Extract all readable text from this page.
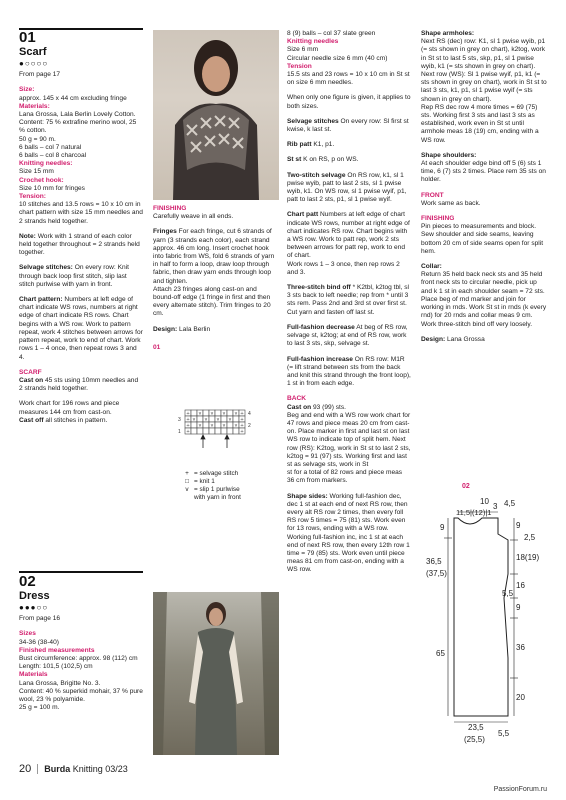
01
Scarf
●○○○○

From page 17

Size:
approx. 145 x 44 cm excluding fringe
Materials:
Lana Grossa, Lala Berlin Lovely Cotton.
Content: 75 % extrafine merino wool, 25 % cotton.
50 g = 90 m.
6 balls – col 7 natural
6 balls – col 8 charcoal
Knitting needles:
Size 15 mm
Crochet hook:
Size 10 mm for fringes
Tension:

10 stitches and 13.5 rows = 10 x 10 cm in chart pattern with size 15 mm needles and 2 strands held together.

Note: Work with 1 strand of each color held together throughout = 2 strands held together.

Selvage stitches: On every row: Knit through back loop first stitch, slip last stitch purlwise with yarn in front.

Chart pattern: Numbers at left edge of chart indicate WS rows, numbers at right edge of chart indicate RS rows. Chart begins with a WS row. Work to pattern repeat, work 4 stitches between arrows for pattern repeat, work to end of chart. Work rows 1 – 4 once, then repeat rows 3 and 4.

SCARF

Cast on 45 sts using 10mm needles and 2 strands held together.

Work chart for 196 rows and piece measures 144 cm from cast-on.
Cast off all stitches in pattern.
FINISHING

Carefully weave in all ends.

Fringes For each fringe, cut 6 strands of yarn (3 strands each color), each strand approx. 46 cm long. Insert crochet hook into fabric from WS, fold 6 strands of yarn in half to form a loop, draw loop through fabric, then draw yarn ends through loop and tighten.

Attach 23 fringes along cast-on and bound-off edge (1 fringe in first and then every alternate stitch). Trim fringes to 20 cm.

Design: Lala Berlin

01
+	+
+	+
+	+
+	+
v v v v
v v v v
v v v v
3
1
4
2
+ = selvage stitch
□ = knit 1
v = slip 1 purlwise
with yarn in front
02
Dress
●●●○○

From page 16

Sizes
34-36 (38-40)
Finished measurements
Bust circumference: approx. 98 (112) cm
Length: 101,5 (102,5) cm
Materials
Lana Grossa, Brigitte No. 3.
Content: 40 % superkid mohair, 37 % pure wool, 23 % polyamide.
25 g = 100 m.
8 (9) balls – col 37 slate green
Knitting needles
Size 6 mm
Circular needle size 6 mm (40 cm)
Tension

15.5 sts and 23 rows = 10 x 10 cm in St st on size 6 mm needles.

When only one figure is given, it applies to both sizes.

Selvage stitches On every row: Sl first st kwise, k last st.

Rib patt K1, p1.

St st K on RS, p on WS.

Two-stitch selvage On RS row, k1, sl 1 pwise wyib, patt to last 2 sts, sl 1 pwise wyib, k1. On WS row, sl 1 pwise wyif, p1, patt to last 2 sts, p1, sl 1 pwise wyif.

Chart patt Numbers at left edge of chart indicate WS rows, number at right edge of chart indicates RS row. Chart begins with a WS row. Work to patt rep, work 2 sts between arrows for patt rep, work to end of chart.

Work rows 1 – 3 once, then rep rows 2 and 3.

Three-stitch bind off * K2tbl, k2tog tbl, sl 3 sts back to left needle; rep from * until 3 sts rem. Pass 2nd and 3rd st over first st. Cut yarn and fasten off last st.

Full-fashion decrease At beg of RS row, selvage st, k2tog; at end of RS row, work to last 3 sts, skp, selvage st.

Full-fashion increase On RS row: M1R (= lift strand between sts from the back and knit this strand through the front loop), 1 st in from each edge.

BACK
Cast on 93 (99) sts.
Beg and end with a WS row work chart for 47 rows and piece meas 20 cm from cast-on. Place marker in first and last st on last WS row to indicate top of split hem. Next row (RS): K2tog, work in St st to last 2 sts, k2tog = 91 (97) sts. Working first and last st as selvage sts, work in St

st for a total of 82 rows and piece meas 36 cm from markers.

Shape sides: Working full-fashion dec, dec 1 st at each end of next RS row, then every alt RS row 2 times, then every foll RS row 5 times = 75 (81) sts. Work even for 13 rows, ending with a WS row. Working full-fashion inc, inc 1 st at each end of next RS row, then every 12th row 1 time = 79 (85) sts. Work even until piece meas 81 cm from cast-on, ending with a WS row.

Shape armholes:
Next RS (dec) row: K1, sl 1 pwise wyib, p1 (= sts shown in grey on chart), k2tog, work in St st to last 5 sts, skp, p1, sl 1 pwise wyib, k1 (= sts shown in grey on chart).
Next row (WS): Sl 1 pwise wyif, p1, k1 (= sts shown in grey on chart), work in St st to last 3 sts, k1, p1, sl 1 pwise wyif (= sts shown in grey on chart).

Rep RS dec row 4 more times = 69 (75) sts. Working first 3 sts and last 3 sts as established, work even in St st until armhole meas 18 (19) cm, ending with a WS row.

Shape shoulders:

At each shoulder edge bind off 5 (6) sts 1 time, 6 (7) sts 2 times. Place rem 35 sts on holder.

FRONT

Work same as back.

FINISHING

Pin pieces to measurements and block. Sew shoulder and side seams, leaving bottom 20 cm of side seams open for split hem.

Collar:

Return 35 held back neck sts and 35 held front neck sts to circular needle, pick up and k 1 st in each shoulder seam = 72 sts. Place beg of rnd marker and join for working in rnds. Work St st in rnds (k every rnd) for 20 rnds and collar meas 9 cm. Work three-stitch bind off very loosely.

Design: Lana Grossa

02
10
3 4,5
11,5|(12)|1
9
36,5
(37,5)
65
9
2,5
18(19)
16
5,5
9
36
20
23,5
(25,5)
5,5
20 Burda Knitting 03/23
PassionForum.ru
